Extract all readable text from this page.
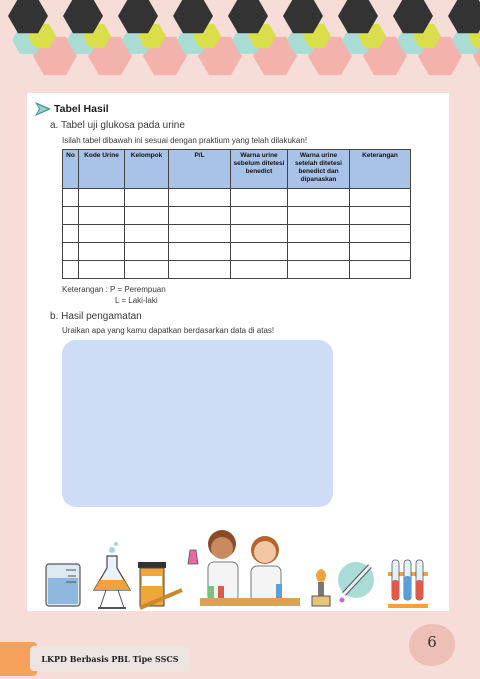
Tabel Hasil
a. Tabel uji glukosa pada urine
Isilah tabel dibawah ini sesuai dengan praktium yang telah dilakukan!
No	Kode Urine	Kelompok	P/L	Warna urine sebelum ditetesi benedict	Warna urine setelah ditetesi benedict dan dipanaskan	Keterangan

Keterangan : P = Perempuan
L = Laki-laki
b. Hasil pengamatan
Uraikan apa yang kamu dapatkan berdasarkan data di atas!
LKPD Berbasis PBL Tipe SSCS
6
